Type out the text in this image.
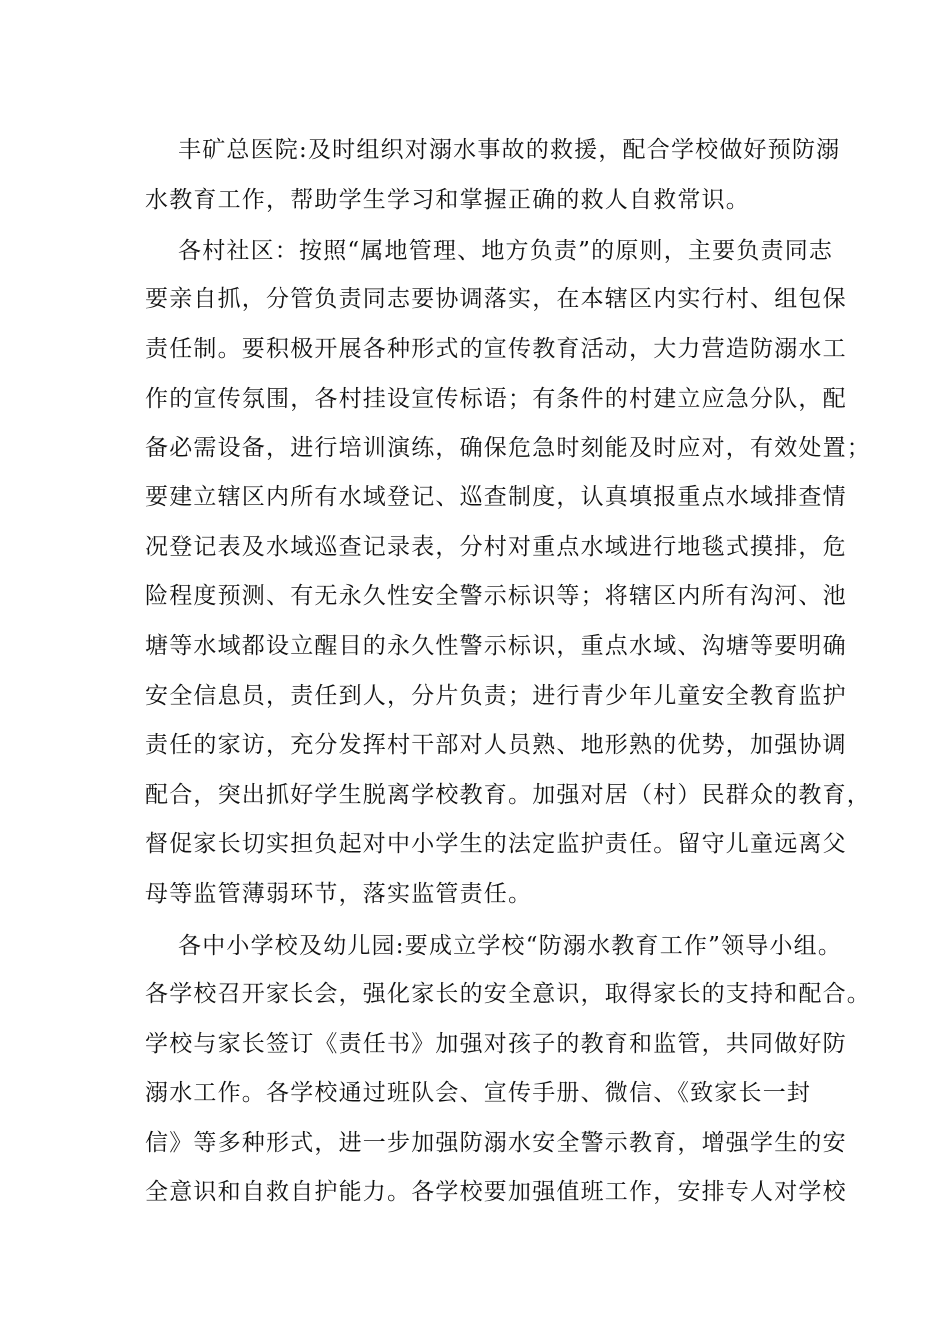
丰矿总医院:及时组织对溺水事故的救援，配合学校做好预防溺
水教育工作，帮助学生学习和掌握正确的救人自救常识。
各村社区：按照“属地管理、地方负责”的原则，主要负责同志
要亲自抓，分管负责同志要协调落实，在本辖区内实行村、组包保
责任制。要积极开展各种形式的宣传教育活动，大力营造防溺水工
作的宣传氛围，各村挂设宣传标语；有条件的村建立应急分队，配
备必需设备，进行培训演练，确保危急时刻能及时应对，有效处置；
要建立辖区内所有水域登记、巡查制度，认真填报重点水域排查情
况登记表及水域巡查记录表，分村对重点水域进行地毯式摸排，危
险程度预测、有无永久性安全警示标识等；将辖区内所有沟河、池
塘等水域都设立醒目的永久性警示标识，重点水域、沟塘等要明确
安全信息员，责任到人，分片负责；进行青少年儿童安全教育监护
责任的家访，充分发挥村干部对人员熟、地形熟的优势，加强协调
配合，突出抓好学生脱离学校教育。加强对居（村）民群众的教育，
督促家长切实担负起对中小学生的法定监护责任。留守儿童远离父
母等监管薄弱环节，落实监管责任。
各中小学校及幼儿园:要成立学校“防溺水教育工作”领导小组。
各学校召开家长会，强化家长的安全意识，取得家长的支持和配合。
学校与家长签订《责任书》加强对孩子的教育和监管，共同做好防
溺水工作。各学校通过班队会、宣传手册、微信、《致家长一封
信》等多种形式，进一步加强防溺水安全警示教育，增强学生的安
全意识和自救自护能力。各学校要加强值班工作，安排专人对学校
